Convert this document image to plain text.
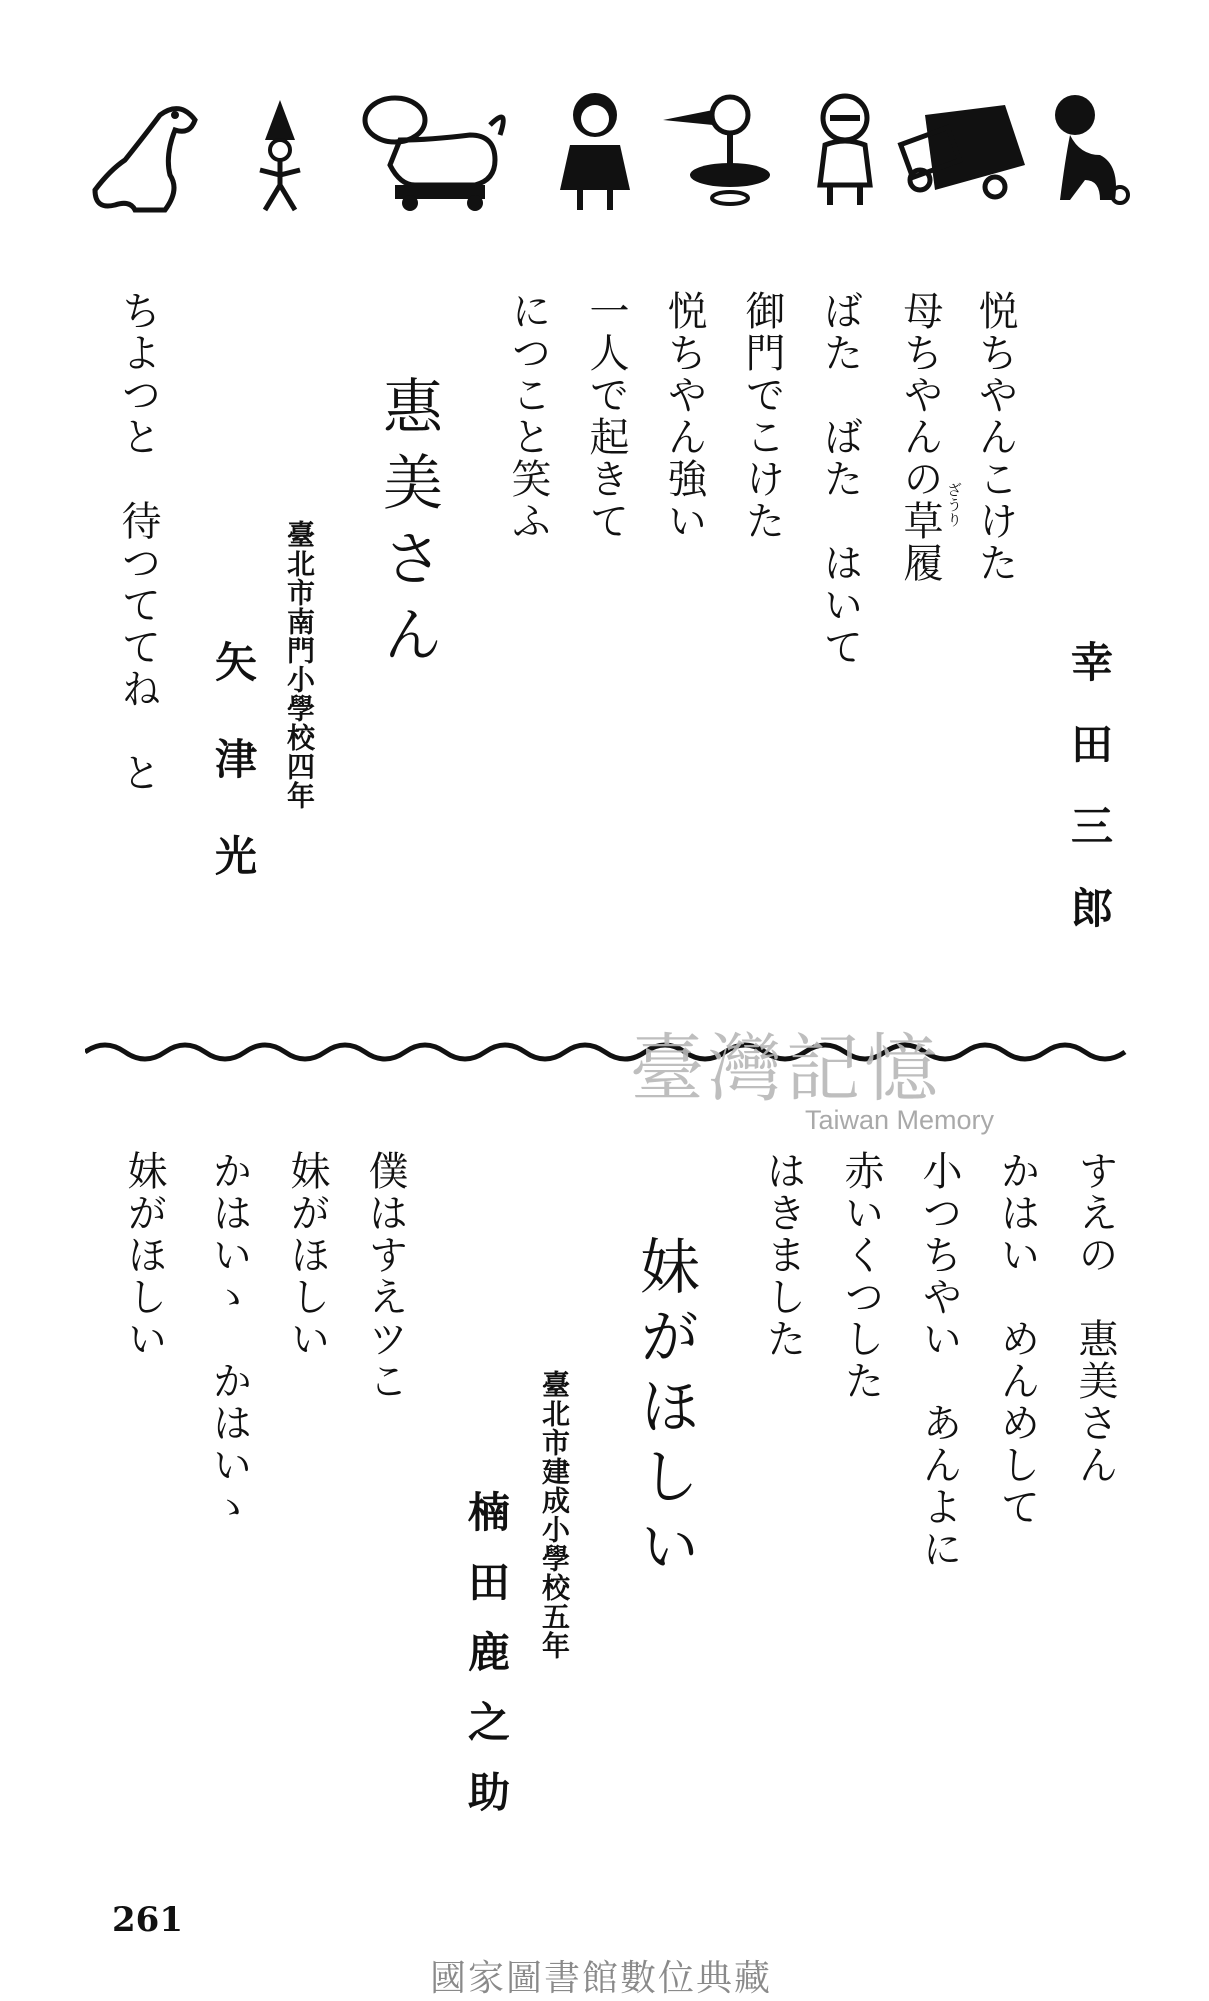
幸田三郎
悦ちやんこけた
母ちやんの草履 ざうり
ばた　ばた　はいて
御門でこけた
悦ちやん強い
一人で起きて
につこと笑ふ
惠美さん
臺北市南門小學校四年
矢津光
ちよつと　待つててね　と
臺灣記憶
Taiwan Memory
すえの　惠美さん
かはい　めんめして
小つちやい　あんよに
赤いくつした
はきました
妹がほしい
臺北市建成小學校五年
楠田鹿之助
僕はすえツこ
妹がほしい
かはいゝ　かはいゝ
妹がほしい
261
國家圖書館數位典藏
